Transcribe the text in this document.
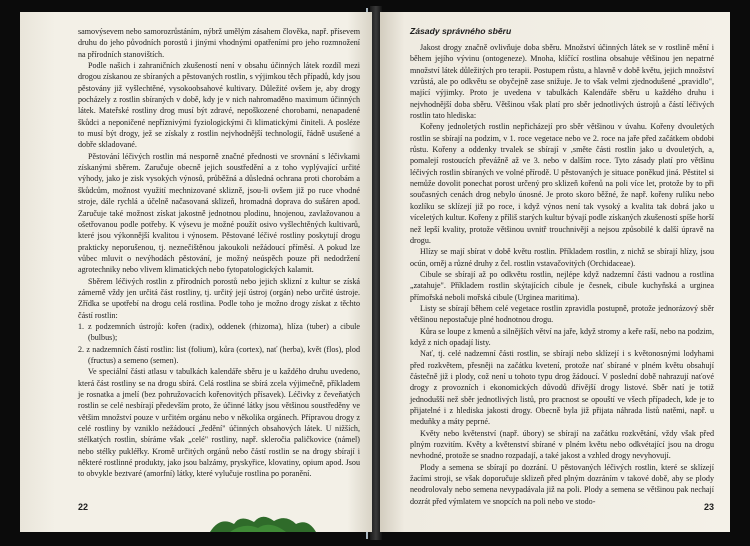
samovýsevem nebo samorozrůstáním, nýbrž umělým zásahem člověka, např. přísevem druhu do jeho původních porostů i jinými vhodnými opatřeními pro jeho rozmnožení na přírodních stanovištích.

Podle našich i zahraničních zkušeností není v obsahu účinných látek rozdíl mezi drogou získanou ze sbíraných a pěstovaných rostlin, s výjimkou těch případů, kdy jsou pěstovány již vyšlechtěné, vysokoobsahové kultivary. Důležité ovšem je, aby drogy pocházely z rostlin sbíraných v době, kdy je v nich nahromaděno maximum účinných látek. Mateřské rostliny drog musí být zdravé, nepoškozené chorobami, nenapadené škůdci a neponičené nepříznivými fyziologickými či klimatickými činiteli. A posléze to musí být drogy, jež se získaly z rostlin nejvhodnější technologií, řádně usušené a dobře skladované.

Pěstování léčivých rostlin má nesporně značné přednosti ve srovnání s léčivkami získanými sběrem. Zaručuje obecně jejich soustředění a z toho vyplývající určité výhody, jako je zisk vysokých výnosů, průběžná a důsledná ochrana proti chorobám a škůdcům, možnost využití mechnizované sklizně, jsou-li ovšem již po ruce vhodné stroje, dále rychlá a účelně načasovaná sklizeň, hromadná doprava do sušáren apod. Zaručuje také možnost získat jakostně jednotnou plodinu, hnojenou, zavlažovanou a ošetřovanou podle potřeby. K výsevu je možné použít osivo vyšlechtěných kultivarů, které jsou výkonnější kvalitou i výnosem. Pěstované léčivé rostliny poskytují drogu prakticky neporušenou, tj. neznečištěnou jakoukoli nežádoucí příměsí. A pokud lze vůbec mluvit o nevýhodách pěstování, je možný neúspěch pouze při nedodržení agrotechniky nebo vlivem klimatických nebo fytopatologických kalamit.

Sběrem léčivých rostlin z přírodních porostů nebo jejich sklizní z kultur se získá zámerně vždy jen určitá část rostliny, tj. určitý její ústroj (orgán) nebo určité ústroje. Zřídka se upotřebí na drogu celá rostlina. Podle toho je možno drogy získat z těchto částí rostlin:

1. z podzemních ústrojů: kořen (radix), oddenek (rhizoma), hlíza (tuber) a cibule (bulbus);
2. z nadzemních částí rostlin: list (folium), kůra (cortex), nať (herba), květ (flos), plod (fructus) a semeno (semen).

Ve speciální části atlasu v tabulkách kalendáře sběru je u každého druhu uvedeno, která část rostliny se na drogu sbírá. Celá rostlina se sbírá zcela výjimečně, příkladem je rosnatka a jmelí (bez pohružovacích kořenovitých přísavek). Léčivky z čeveňatých rostlin se celé nesbírají především proto, že účinné látky jsou většinou soustředěny ve většim množství pouze v určitém orgánu nebo v několika orgánech. Přípravou drogy z celé rostliny by vzniklo nežádoucí „ředění" účinných obsahových látek. U nižších, stélkatých rostlin, sbíráme však „celé" rostliny, např. skleročia paličkovice (námel) nebo stélky pukléřky. Kromě určitých orgánů nebo částí rostlin se na drogy sbírají i některé rostlinné produkty, jako jsou balzámy, pryskyřice, klovatiny, opium apod. Jsou to obvykle beztvaré (amorfní) látky, které vylučuje rostlina po poranění.

22
Zásady správného sběru

Jakost drogy značně ovlivňuje doba sběru. Množství účinných látek se v rostlině mění i během jejího vývinu (ontogeneze). Mnoha, klíčící rostlina obsahuje většinou jen nepatrné množství látek důležitých pro terapii. Postupem růstu, a hlavně v době květu, jejich množství vzrůstá, ale po odkvětu se obyčejně zase snižuje. Je to však velmi zjednodušené „pravidlo", mající výjimky. Proto je uvedena v tabulkách Kalendáře sběru u každého druhu i nejvhodnější doba sběru. Většinou však platí pro sběr jednotlivých ústrojů a částí léčivých rostlin tato hlediska:

Kořeny jednoletých rostlin nepřicházejí pro sběr většinou v úvahu. Kořeny dvouletých rostlin se sbírají na podzim, v 1. roce vegetace nebo ve 2. roce na jaře před začátkem obdobi růstu. Kořeny a oddenky trvalek se sbírají v ,směte části rostlin jako u dvouletých, a, pomalejí rostoucích převážně až ve 3. nebo v dalším roce. Tyto zásady platí pro většinu léčivých rostlin sbíraných ve volné přírodě. U pěstovaných je situace poněkud jiná. Pěstitel si nemůže dovolit ponechat porost určený pro sklizeň kořenů na poli více let, protože by to při současných cenách drog nebylo únosné. Je proto skoro běžné, že např. kořeny rulíku nebo kozlíku se sklízejí již po roce, i když výnos není tak vysoký a kvalita tak dobrá jako u víceletých kultur. Kořeny z příliš starých kultur bývají podle získaných zkušeností spíše horší než lepší kvality, protože většinou uvnitř trouchnivějí a nejsou způsobilé k další úpravě na drogu.

Hlízy se mají sbírat v době květu rostlin. Příkladem rostlin, z nichž se sbírají hlízy, jsou ocún, orněj a různé druhy z čel. rostlin vstavačovitých (Orchidaceae).

Cibule se sbírají až po odkvětu rostlin, nejlépe když nadzemní části vadnou a rostlina „zatahuje". Příkladem rostlin skýtajících cibule je česnek, cibule kuchyňská a urginea přímořská neboli mořská cibule (Urginea maritima).

Listy se sbírají během celé vegetace rostlin zpravidla postupně, protože jednorázový sběr většinou nepostačuje plné hodnotnou drogu.

Kůra se loupe z kmenů a silnějších větví na jaře, když stromy a keře raší, nebo na podzim, když z nich opadají listy.

Nať, tj. celé nadzemní části rostlin, se sbírají nebo sklízejí i s květonosnými lodyhami před rozkvětem, přesněji na začátku kvetení, protože nať sbírané v plném květu obsahují částečně již i plody, což není u tohoto typu drog žádoucí. V poslední době nahrazují naťové drogy z provozních i ekonomických důvodů dřívější drogy listové. Sběr natí je totiž jednodušší než sběr jednotlivých listů, pro pracnost se opouští ve všech případech, kde je to přijatelné i z hlediska jakosti drogy. Obecně byla již přijata náhrada listů natěmi, např. u meduňky a máty peprné.

Květy nebo květenství (např. úbory) se sbírají na začátku rozkvětání, vždy však před plným rozvitím. Květy a květenství sbírané v plném květu nebo odkvétající jsou na drogu nevhodné, protože se snadno rozpadají, a také jakost a vzhled drogy nevyhovují.

Plody a semena se sbírají po dozrání. U pěstovaných léčivých rostlin, které se sklízejí žacími stroji, se však doporučuje sklizeň před plným dozráním v takové době, aby se plody neodrolovaly nebo semena nevypadávala již na poli. Plody a semena se většinou pak nechají dozrát před výmlatem ve snopcích na poli nebo ve stodo-

23
